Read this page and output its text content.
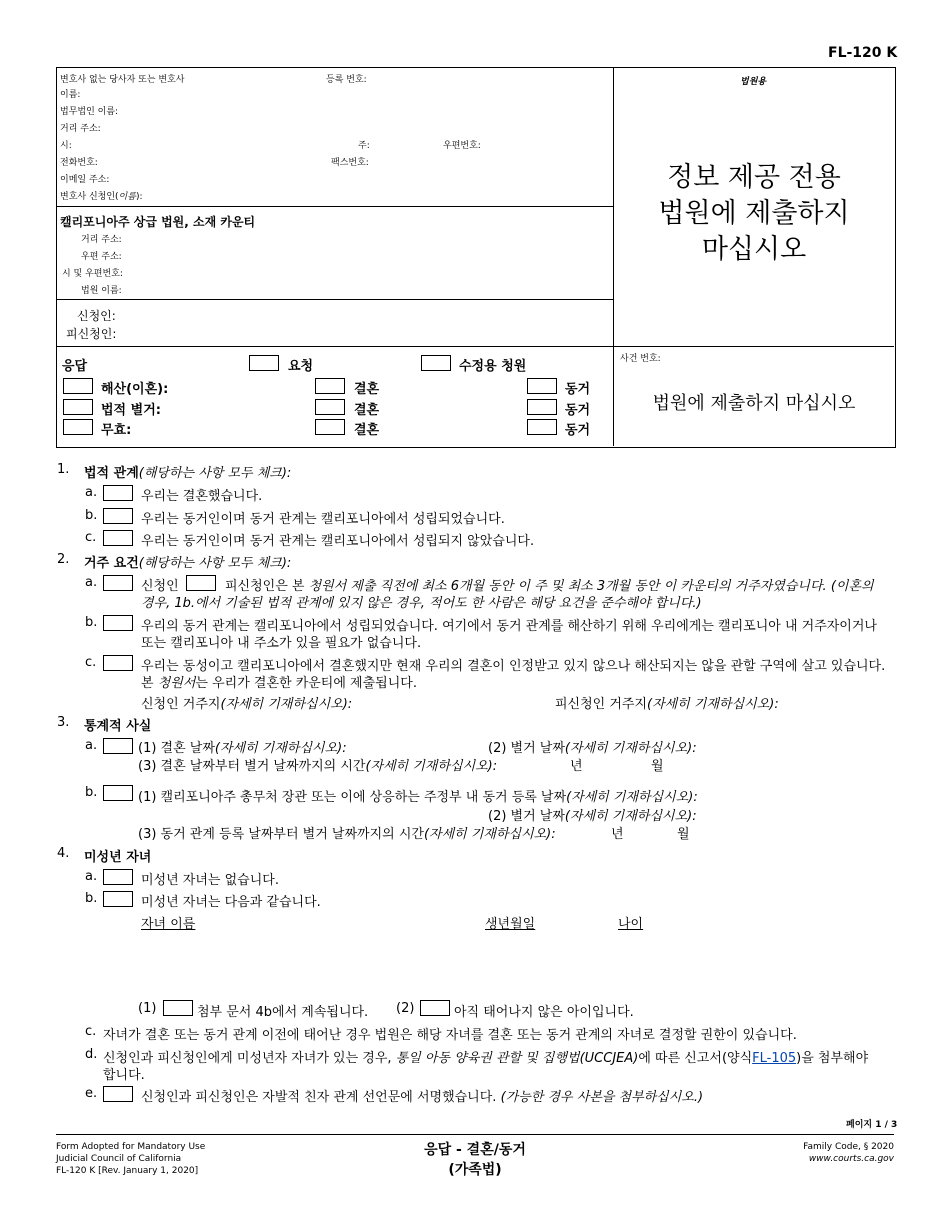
FL-120 K
변호사 없는 당사자 또는 변호사	등록 번호:
이름:
법무법인 이름:
거리 주소:
시:	주:	우편번호:
전화번호:	팩스번호:
이메일 주소:
변호사 신청인(이름):
캘리포니아주 상급 법원, 소재 카운티
거리 주소:
우편 주소:
시 및 우편번호:
법원 이름:
신청인:
피신청인:
법원용
정보 제공 전용
법원에 제출하지
마십시오
사건 번호:
법원에 제출하지 마십시오
응답	요청	수정용 청원
해산(이혼):	결혼	동거
법적 별거:	결혼	동거
무효:	결혼	동거
1. 법적 관계(해당하는 사항 모두 체크):
a.	우리는 결혼했습니다.
b.	우리는 동거인이며 동거 관계는 캘리포니아에서 성립되었습니다.
c.	우리는 동거인이며 동거 관계는 캘리포니아에서 성립되지 않았습니다.
2. 거주 요건(해당하는 사항 모두 체크):
a.	신청인	피신청인은 본 청원서 제출 직전에 최소 6개월 동안 이 주 및 최소 3개월 동안 이 카운티의 거주자였습니다. (이혼의
경우, 1b.에서 기술된 법적 관계에 있지 않은 경우, 적어도 한 사람은 해당 요건을 준수해야 합니다.)
b.	우리의 동거 관계는 캘리포니아에서 성립되었습니다. 여기에서 동거 관계를 해산하기 위해 우리에게는 캘리포니아 내 거주자이거나
또는 캘리포니아 내 주소가 있을 필요가 없습니다.
c.	우리는 동성이고 캘리포니아에서 결혼했지만 현재 우리의 결혼이 인정받고 있지 않으나 해산되지는 않을 관할 구역에 살고 있습니다.
본 청원서는 우리가 결혼한 카운티에 제출됩니다.
신청인 거주지(자세히 기재하십시오):	피신청인 거주지(자세히 기재하십시오):
3. 통계적 사실
a.	(1) 결혼 날짜(자세히 기재하십시오):	(2) 별거 날짜(자세히 기재하십시오):
(3) 결혼 날짜부터 별거 날짜까지의 시간(자세히 기재하십시오):	년	월
b.	(1) 캘리포니아주 총무처 장관 또는 이에 상응하는 주정부 내 동거 등록 날짜(자세히 기재하십시오):
(2) 별거 날짜(자세히 기재하십시오):
(3) 동거 관계 등록 날짜부터 별거 날짜까지의 시간(자세히 기재하십시오):	년	월
4. 미성년 자녀
a.	미성년 자녀는 없습니다.
b.	미성년 자녀는 다음과 같습니다.
자녀 이름	생년월일	나이
(1)	첨부 문서 4b에서 계속됩니다. (2)	아직 태어나지 않은 아이입니다.
c. 자녀가 결혼 또는 동거 관계 이전에 태어난 경우 법원은 해당 자녀를 결혼 또는 동거 관계의 자녀로 결정할 권한이 있습니다.
d. 신청인과 피신청인에게 미성년자 자녀가 있는 경우, 통일 아동 양육권 관할 및 집행법(UCCJEA)에 따른 신고서(양식FL-105)을 첨부해야
합니다.
e.	신청인과 피신청인은 자발적 친자 관계 선언문에 서명했습니다. (가능한 경우 사본을 첨부하십시오.)
페이지 1 / 3
Form Adopted for Mandatory Use
Judicial Council of California
FL-120 K [Rev. January 1, 2020]
응답 - 결혼/동거
(가족법)
Family Code, § 2020
www.courts.ca.gov
